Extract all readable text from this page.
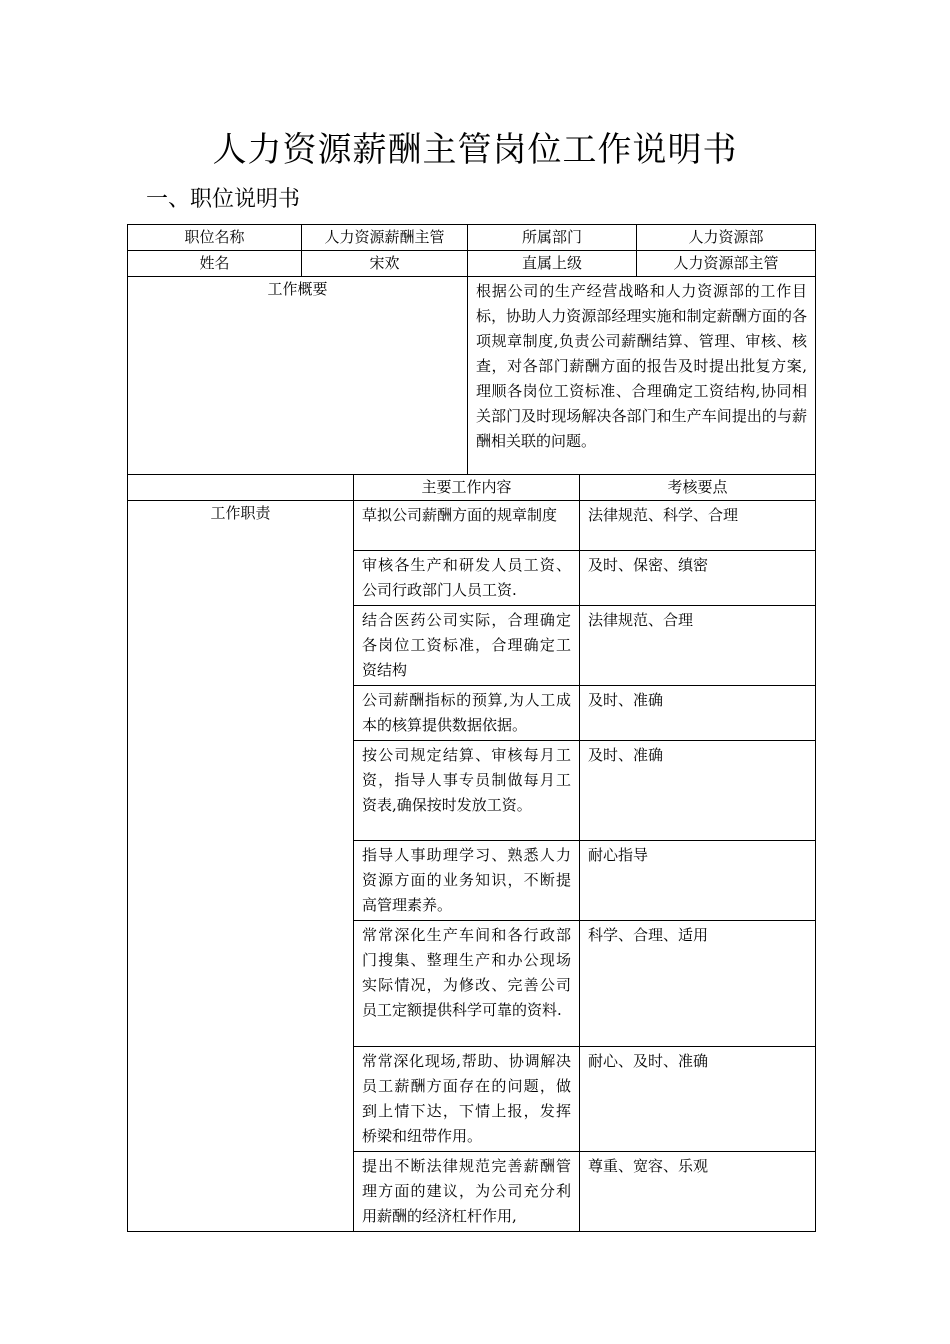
人力资源薪酬主管岗位工作说明书
一、职位说明书
职位名称	人力资源薪酬主管		所属部门		人力资源部
姓名	宋欢		直属上级		人力资源部主管
工作概要			根据公司的生产经营战略和人力资源部的工作目标，协助人力资源部经理实施和制定薪酬方面的各项规章制度,负责公司薪酬结算、管理、审核、核查，对各部门薪酬方面的报告及时提出批复方案,理顺各岗位工资标准、合理确定工资结构,协同相关部门及时现场解决各部门和生产车间提出的与薪酬相关联的问题。		
		主要工作内容		考核要点	
工作职责		草拟公司薪酬方面的规章制度		法律规范、科学、合理	
		审核各生产和研发人员工资、公司行政部门人员工资.		及时、保密、缜密	
		结合医药公司实际，合理确定各岗位工资标准，合理确定工资结构		法律规范、合理	
		公司薪酬指标的预算,为人工成本的核算提供数据依据。		及时、准确	
		按公司规定结算、审核每月工资，指导人事专员制做每月工资表,确保按时发放工资。		及时、准确	
		指导人事助理学习、熟悉人力资源方面的业务知识，不断提高管理素养。		耐心指导	
		常常深化生产车间和各行政部门搜集、整理生产和办公现场实际情况，为修改、完善公司员工定额提供科学可靠的资料.		科学、合理、适用	
		常常深化现场,帮助、协调解决员工薪酬方面存在的问题，做到上情下达，下情上报，发挥桥梁和纽带作用。		耐心、及时、准确	
		提出不断法律规范完善薪酬管理方面的建议，为公司充分利用薪酬的经济杠杆作用,		尊重、宽容、乐观	
